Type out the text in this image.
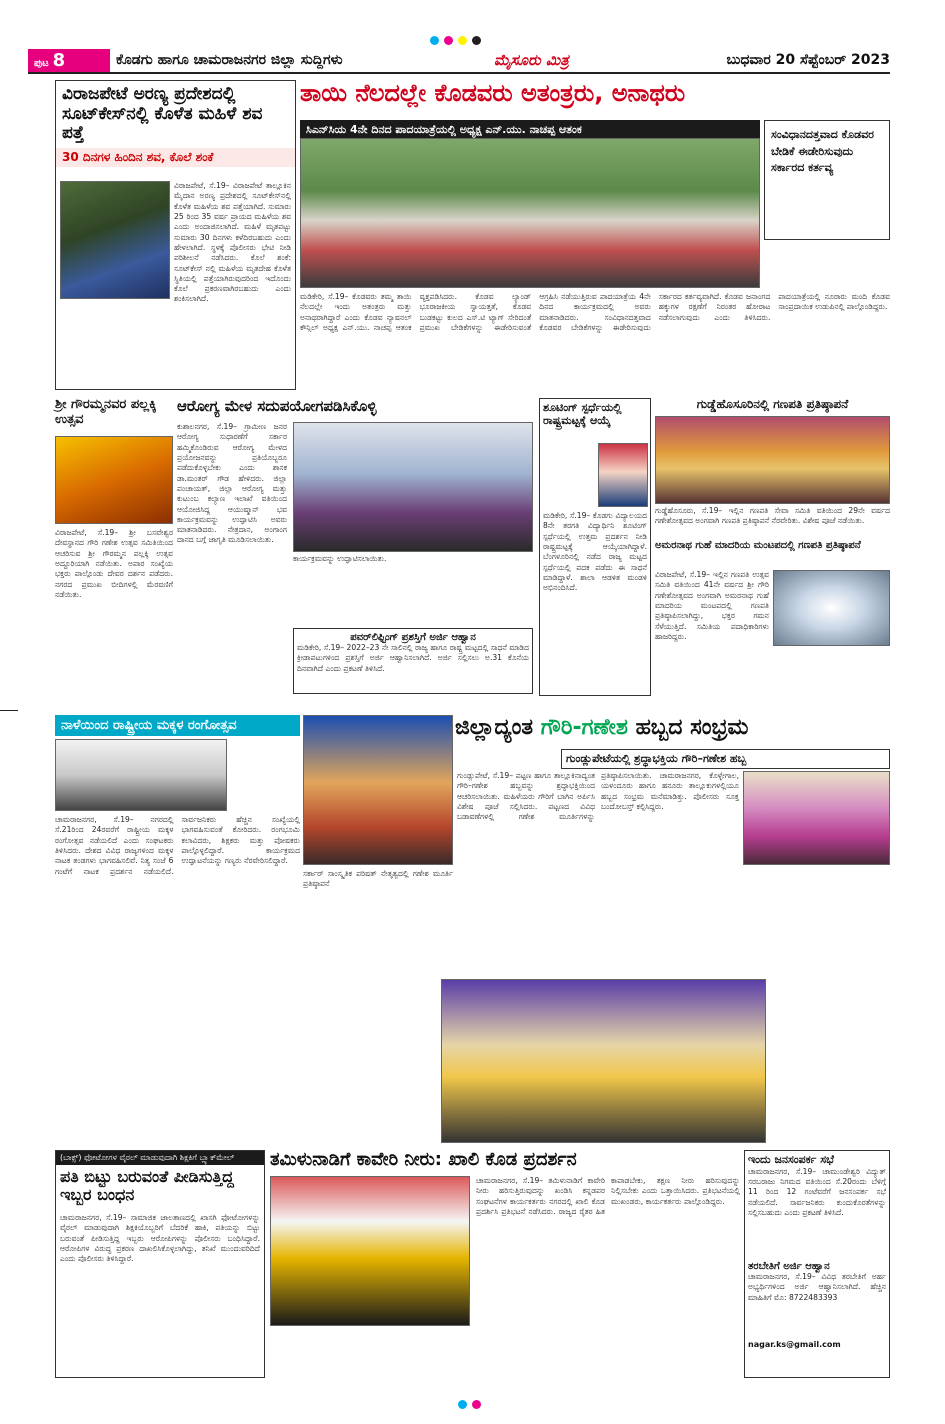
ಪುಟ 8	ಕೊಡಗು ಹಾಗೂ ಚಾಮರಾಜನಗರ ಜಿಲ್ಲಾ ಸುದ್ದಿಗಳು	ಮೈಸೂರು ಮಿತ್ರ	ಬುಧವಾರ 20 ಸೆಪ್ಟೆಂಬರ್ 2023
ವಿರಾಜಪೇಟೆ ಅರಣ್ಯ ಪ್ರದೇಶದಲ್ಲಿ ಸೂಟ್‌ಕೇಸ್‌ನಲ್ಲಿ ಕೊಳೆತ ಮಹಿಳೆ ಶವ ಪತ್ತೆ
30 ದಿನಗಳ ಹಿಂದಿನ ಶವ, ಕೊಲೆ ಶಂಕೆ
ವಿರಾಜಪೇಟೆ, ಸೆ.19– ವಿರಾಜಪೇಟೆ ತಾಲ್ಲೂಕಿನ ಮೈದಾನ ಅರಣ್ಯ ಪ್ರದೇಶದಲ್ಲಿ ಸೂಟ್‌ಕೇಸ್‌ನಲ್ಲಿ ಕೊಳೆತ ಮಹಿಳೆಯ ಶವ ಪತ್ತೆಯಾಗಿದೆ. ಸುಮಾರು 25 ರಿಂದ 35 ವರ್ಷ ಪ್ರಾಯದ ಮಹಿಳೆಯ ಶವ ಎಂದು ಅಂದಾಜಿಸಲಾಗಿದೆ. ಮಹಿಳೆ ಮೃತಪಟ್ಟು ಸುಮಾರು 30 ದಿನಗಳು ಕಳೆದಿರಬಹುದು ಎಂದು ಹೇಳಲಾಗಿದೆ. ಸ್ಥಳಕ್ಕೆ ಪೊಲೀಸರು ಭೇಟಿ ನೀಡಿ ಪರಿಶೀಲನೆ ನಡೆಸಿದರು. ಕೊಲೆ ಶಂಕೆ: ಸೂಟ್‌ಕೇಸ್ ನಲ್ಲಿ ಮಹಿಳೆಯ ಮೃತದೇಹ ಕೊಳೆತ ಸ್ಥಿತಿಯಲ್ಲಿ ಪತ್ತೆಯಾಗಿರುವುದರಿಂದ ಇದೊಂದು ಕೊಲೆ ಪ್ರಕರಣವಾಗಿರಬಹುದು ಎಂದು ಶಂಕಿಸಲಾಗಿದೆ.
ತಾಯಿ ನೆಲದಲ್ಲೇ ಕೊಡವರು ಅತಂತ್ರರು, ಅನಾಥರು
ಸಿಎನ್‌ಸಿಯ 4ನೇ ದಿನದ ಪಾದಯಾತ್ರೆಯಲ್ಲಿ ಅಧ್ಯಕ್ಷ ಎನ್.ಯು. ನಾಚಪ್ಪ ಆತಂಕ	ಸಂವಿಧಾನದತ್ತವಾದ ಕೊಡವರ ಬೇಡಿಕೆ ಈಡೇರಿಸುವುದು ಸರ್ಕಾರದ ಕರ್ತವ್ಯ
ಮಡಿಕೇರಿ, ಸೆ.19– ಕೊಡವರು ತಮ್ಮ ತಾಯಿ ನೆಲದಲ್ಲೇ ಇಂದು ಅತಂತ್ರರು ಮತ್ತು ಅನಾಥರಾಗಿದ್ದಾರೆ ಎಂದು ಕೊಡವ ನ್ಯಾಷನಲ್ ಕೌನ್ಸಿಲ್ ಅಧ್ಯಕ್ಷ ಎನ್.ಯು. ನಾಚಪ್ಪ ಆತಂಕ ವ್ಯಕ್ತಪಡಿಸಿದರು. ಕೊಡವ ಲ್ಯಾಂಡ್ ಭೂರಾಜಕೀಯ ಸ್ವಾಯತ್ತತೆ, ಕೊಡವ ಬುಡಕಟ್ಟು ಕುಲದ ಎಸ್.ಟಿ ಟ್ಯಾಗ್ ಸೇರಿದಂತೆ ಪ್ರಮುಖ ಬೇಡಿಕೆಗಳನ್ನು ಈಡೇರಿಸುವಂತೆ ಆಗ್ರಹಿಸಿ ನಡೆಯುತ್ತಿರುವ ಪಾದಯಾತ್ರೆಯ 4ನೇ ದಿನದ ಕಾರ್ಯಕ್ರಮದಲ್ಲಿ ಅವರು ಮಾತನಾಡಿದರು. ಸಂವಿಧಾನದತ್ತವಾದ ಕೊಡವರ ಬೇಡಿಕೆಗಳನ್ನು ಈಡೇರಿಸುವುದು ಸರ್ಕಾರದ ಕರ್ತವ್ಯವಾಗಿದೆ. ಕೊಡವ ಜನಾಂಗದ ಹಕ್ಕುಗಳ ರಕ್ಷಣೆಗೆ ನಿರಂತರ ಹೋರಾಟ ನಡೆಸಲಾಗುವುದು ಎಂದು ತಿಳಿಸಿದರು. ಪಾದಯಾತ್ರೆಯಲ್ಲಿ ನೂರಾರು ಮಂದಿ ಕೊಡವ ಸಾಂಪ್ರದಾಯಿಕ ಉಡುಪಿನಲ್ಲಿ ಪಾಲ್ಗೊಂಡಿದ್ದರು.
ಶ್ರೀ ಗೌರಮ್ಮನವರ ಪಲ್ಲಕ್ಕಿ ಉತ್ಸವ
ವಿರಾಜಪೇಟೆ, ಸೆ.19– ಶ್ರೀ ಬಸವೇಶ್ವರ ದೇವಸ್ಥಾನದ ಗೌರಿ ಗಣೇಶ ಉತ್ಸವ ಸಮಿತಿಯಿಂದ ಆಚರಿಸುವ ಶ್ರೀ ಗೌರಮ್ಮನ ಪಲ್ಲಕ್ಕಿ ಉತ್ಸವ ಅದ್ದೂರಿಯಾಗಿ ನಡೆಯಿತು. ಅಪಾರ ಸಂಖ್ಯೆಯ ಭಕ್ತರು ಪಾಲ್ಗೊಂಡು ದೇವರ ದರ್ಶನ ಪಡೆದರು. ನಗರದ ಪ್ರಮುಖ ಬೀದಿಗಳಲ್ಲಿ ಮೆರವಣಿಗೆ ನಡೆಯಿತು.
ಆರೋಗ್ಯ ಮೇಳ ಸದುಪಯೋಗಪಡಿಸಿಕೊಳ್ಳಿ
ಕುಶಾಲನಗರ, ಸೆ.19– ಗ್ರಾಮೀಣ ಜನರ ಆರೋಗ್ಯ ಸುಧಾರಣೆಗೆ ಸರ್ಕಾರ ಹಮ್ಮಿಕೊಂಡಿರುವ ಆರೋಗ್ಯ ಮೇಳದ ಪ್ರಯೋಜನವನ್ನು ಪ್ರತಿಯೊಬ್ಬರೂ ಪಡೆದುಕೊಳ್ಳಬೇಕು ಎಂದು ಶಾಸಕ ಡಾ.ಮಂತರ್ ಗೌಡ ಹೇಳಿದರು. ಜಿಲ್ಲಾ ಪಂಚಾಯತ್, ಜಿಲ್ಲಾ ಆರೋಗ್ಯ ಮತ್ತು ಕುಟುಂಬ ಕಲ್ಯಾಣ ಇಲಾಖೆ ವತಿಯಿಂದ ಆಯೋಜಿಸಿದ್ದ ಆಯುಷ್ಮಾನ್ ಭವ ಕಾರ್ಯಕ್ರಮವನ್ನು ಉದ್ಘಾಟಿಸಿ ಅವರು ಮಾತನಾಡಿದರು. ನೇತ್ರದಾನ, ಅಂಗಾಂಗ ದಾನದ ಬಗ್ಗೆ ಜಾಗೃತಿ ಮೂಡಿಸಲಾಯಿತು.
ಕಾರ್ಯಕ್ರಮವನ್ನು ಉದ್ಘಾಟಿಸಲಾಯಿತು.
ಪವರ್‌ಲಿಫ್ಟಿಂಗ್ ಪ್ರಶಸ್ತಿಗೆ ಅರ್ಜಿ ಆಹ್ವಾನ
ಮಡಿಕೇರಿ, ಸೆ.19– 2022–23 ನೇ ಸಾಲಿನಲ್ಲಿ ರಾಜ್ಯ ಹಾಗೂ ರಾಷ್ಟ್ರ ಮಟ್ಟದಲ್ಲಿ ಸಾಧನೆ ಮಾಡಿದ ಕ್ರೀಡಾಪಟುಗಳಿಂದ ಪ್ರಶಸ್ತಿಗೆ ಅರ್ಜಿ ಆಹ್ವಾನಿಸಲಾಗಿದೆ. ಅರ್ಜಿ ಸಲ್ಲಿಸಲು ಅ.31 ಕೊನೆಯ ದಿನವಾಗಿದೆ ಎಂದು ಪ್ರಕಟಣೆ ತಿಳಿಸಿದೆ.
ಶೂಟಿಂಗ್ ಸ್ಪರ್ಧೆಯಲ್ಲಿ ರಾಷ್ಟ್ರಮಟ್ಟಕ್ಕೆ ಆಯ್ಕೆ
ಮಡಿಕೇರಿ, ಸೆ.19– ಕೊಡಗು ವಿದ್ಯಾಲಯದ 8ನೇ ತರಗತಿ ವಿದ್ಯಾರ್ಥಿನಿ ಶೂಟಿಂಗ್ ಸ್ಪರ್ಧೆಯಲ್ಲಿ ಉತ್ತಮ ಪ್ರದರ್ಶನ ನೀಡಿ ರಾಷ್ಟ್ರಮಟ್ಟಕ್ಕೆ ಆಯ್ಕೆಯಾಗಿದ್ದಾಳೆ. ಬೆಂಗಳೂರಿನಲ್ಲಿ ನಡೆದ ರಾಜ್ಯ ಮಟ್ಟದ ಸ್ಪರ್ಧೆಯಲ್ಲಿ ಪದಕ ಪಡೆದು ಈ ಸಾಧನೆ ಮಾಡಿದ್ದಾಳೆ. ಶಾಲಾ ಆಡಳಿತ ಮಂಡಳಿ ಅಭಿನಂದಿಸಿದೆ.
ಗುಡ್ಡೆಹೊಸೂರಿನಲ್ಲಿ ಗಣಪತಿ ಪ್ರತಿಷ್ಠಾಪನೆ
ಗುಡ್ಡೆಹೊಸೂರು, ಸೆ.19– ಇಲ್ಲಿನ ಗಣಪತಿ ಸೇವಾ ಸಮಿತಿ ವತಿಯಿಂದ 29ನೇ ವರ್ಷದ ಗಣೇಶೋತ್ಸವದ ಅಂಗವಾಗಿ ಗಣಪತಿ ಪ್ರತಿಷ್ಠಾಪನೆ ನೆರವೇರಿತು. ವಿಶೇಷ ಪೂಜೆ ನಡೆಯಿತು.
ಅಮರನಾಥ ಗುಹೆ ಮಾದರಿಯ ಮಂಟಪದಲ್ಲಿ ಗಣಪತಿ ಪ್ರತಿಷ್ಠಾಪನೆ
ವಿರಾಜಪೇಟೆ, ಸೆ.19– ಇಲ್ಲಿನ ಗಣಪತಿ ಉತ್ಸವ ಸಮಿತಿ ವತಿಯಿಂದ 41ನೇ ವರ್ಷದ ಶ್ರೀ ಗೌರಿ ಗಣೇಶೋತ್ಸವದ ಅಂಗವಾಗಿ ಅಮರನಾಥ ಗುಹೆ ಮಾದರಿಯ ಮಂಟಪದಲ್ಲಿ ಗಣಪತಿ ಪ್ರತಿಷ್ಠಾಪಿಸಲಾಗಿದ್ದು, ಭಕ್ತರ ಗಮನ ಸೆಳೆಯುತ್ತಿದೆ. ಸಮಿತಿಯ ಪದಾಧಿಕಾರಿಗಳು ಹಾಜರಿದ್ದರು.
ನಾಳೆಯಿಂದ ರಾಷ್ಟ್ರೀಯ ಮಕ್ಕಳ ರಂಗೋತ್ಸವ
ಚಾಮರಾಜನಗರ, ಸೆ.19– ನಗರದಲ್ಲಿ ಸೆ.21ರಿಂದ 24ರವರೆಗೆ ರಾಷ್ಟ್ರೀಯ ಮಕ್ಕಳ ರಂಗೋತ್ಸವ ನಡೆಯಲಿದೆ ಎಂದು ಸಂಘಟಕರು ತಿಳಿಸಿದರು. ದೇಶದ ವಿವಿಧ ರಾಜ್ಯಗಳಿಂದ ಮಕ್ಕಳ ನಾಟಕ ತಂಡಗಳು ಭಾಗವಹಿಸಲಿವೆ. ನಿತ್ಯ ಸಂಜೆ 6 ಗಂಟೆಗೆ ನಾಟಕ ಪ್ರದರ್ಶನ ನಡೆಯಲಿದೆ. ಸಾರ್ವಜನಿಕರು ಹೆಚ್ಚಿನ ಸಂಖ್ಯೆಯಲ್ಲಿ ಭಾಗವಹಿಸುವಂತೆ ಕೋರಿದರು. ರಂಗಭೂಮಿ ಕಲಾವಿದರು, ಶಿಕ್ಷಕರು ಮತ್ತು ಪೋಷಕರು ಪಾಲ್ಗೊಳ್ಳಲಿದ್ದಾರೆ. ಕಾರ್ಯಕ್ರಮದ ಉದ್ಘಾಟನೆಯನ್ನು ಗಣ್ಯರು ನೆರವೇರಿಸಲಿದ್ದಾರೆ.
ಜಿಲ್ಲಾದ್ಯಂತ ಗೌರಿ-ಗಣೇಶ ಹಬ್ಬದ ಸಂಭ್ರಮ
ಗುಂಡ್ಲುಪೇಟೆಯಲ್ಲಿ ಶ್ರದ್ಧಾಭಕ್ತಿಯ ಗೌರಿ–ಗಣೇಶ ಹಬ್ಬ
ಗುಂಡ್ಲುಪೇಟೆ, ಸೆ.19– ಪಟ್ಟಣ ಹಾಗೂ ತಾಲ್ಲೂಕಿನಾದ್ಯಂತ ಗೌರಿ–ಗಣೇಶ ಹಬ್ಬವನ್ನು ಶ್ರದ್ಧಾಭಕ್ತಿಯಿಂದ ಆಚರಿಸಲಾಯಿತು. ಮಹಿಳೆಯರು ಗೌರಿಗೆ ಬಾಗಿನ ಅರ್ಪಿಸಿ ವಿಶೇಷ ಪೂಜೆ ಸಲ್ಲಿಸಿದರು. ಪಟ್ಟಣದ ವಿವಿಧ ಬಡಾವಣೆಗಳಲ್ಲಿ ಗಣೇಶ ಮೂರ್ತಿಗಳನ್ನು ಪ್ರತಿಷ್ಠಾಪಿಸಲಾಯಿತು. ಚಾಮರಾಜನಗರ, ಕೊಳ್ಳೇಗಾಲ, ಯಳಂದೂರು ಹಾಗೂ ಹನೂರು ತಾಲ್ಲೂಕುಗಳಲ್ಲಿಯೂ ಹಬ್ಬದ ಸಂಭ್ರಮ ಮನೆಮಾಡಿತ್ತು. ಪೊಲೀಸರು ಸೂಕ್ತ ಬಂದೋಬಸ್ತ್ ಕಲ್ಪಿಸಿದ್ದರು.
ಸರ್ಕಾರ್ ಸಾಂಸ್ಕೃತಿಕ ಪರಿಷತ್ ನೇತೃತ್ವದಲ್ಲಿ ಗಣೇಶ ಮೂರ್ತಿ ಪ್ರತಿಷ್ಠಾಪನೆ
(ಬಾಕ್ಸ್) ಫೋಟೋಗಳ ವೈರಲ್ ಮಾಡುವುದಾಗಿ ಶಿಕ್ಷಕಿಗೆ ಬ್ಲ್ಯಾಕ್‌ಮೇಲ್
ಪತಿ ಬಿಟ್ಟು ಬರುವಂತೆ ಪೀಡಿಸುತ್ತಿದ್ದ ಇಬ್ಬರ ಬಂಧನ
ಚಾಮರಾಜನಗರ, ಸೆ.19– ಸಾಮಾಜಿಕ ಜಾಲತಾಣದಲ್ಲಿ ಖಾಸಗಿ ಫೋಟೋಗಳನ್ನು ವೈರಲ್ ಮಾಡುವುದಾಗಿ ಶಿಕ್ಷಕಿಯೊಬ್ಬರಿಗೆ ಬೆದರಿಕೆ ಹಾಕಿ, ಪತಿಯನ್ನು ಬಿಟ್ಟು ಬರುವಂತೆ ಪೀಡಿಸುತ್ತಿದ್ದ ಇಬ್ಬರು ಆರೋಪಿಗಳನ್ನು ಪೊಲೀಸರು ಬಂಧಿಸಿದ್ದಾರೆ. ಆರೋಪಿಗಳ ವಿರುದ್ಧ ಪ್ರಕರಣ ದಾಖಲಿಸಿಕೊಳ್ಳಲಾಗಿದ್ದು, ತನಿಖೆ ಮುಂದುವರಿದಿದೆ ಎಂದು ಪೊಲೀಸರು ತಿಳಿಸಿದ್ದಾರೆ.
ತಮಿಳುನಾಡಿಗೆ ಕಾವೇರಿ ನೀರು: ಖಾಲಿ ಕೊಡ ಪ್ರದರ್ಶನ
ಚಾಮರಾಜನಗರ, ಸೆ.19– ತಮಿಳುನಾಡಿಗೆ ಕಾವೇರಿ ನೀರು ಹರಿಸುತ್ತಿರುವುದನ್ನು ಖಂಡಿಸಿ ಕನ್ನಡಪರ ಸಂಘಟನೆಗಳ ಕಾರ್ಯಕರ್ತರು ನಗರದಲ್ಲಿ ಖಾಲಿ ಕೊಡ ಪ್ರದರ್ಶಿಸಿ ಪ್ರತಿಭಟನೆ ನಡೆಸಿದರು. ರಾಜ್ಯದ ರೈತರ ಹಿತ ಕಾಪಾಡಬೇಕು, ತಕ್ಷಣ ನೀರು ಹರಿಸುವುದನ್ನು ನಿಲ್ಲಿಸಬೇಕು ಎಂದು ಒತ್ತಾಯಿಸಿದರು. ಪ್ರತಿಭಟನೆಯಲ್ಲಿ ಮುಖಂಡರು, ಕಾರ್ಯಕರ್ತರು ಪಾಲ್ಗೊಂಡಿದ್ದರು.
ಇಂದು ಜನಸಂಪರ್ಕ ಸಭೆ
ಚಾಮರಾಜನಗರ, ಸೆ.19– ಚಾಮುಂಡೇಶ್ವರಿ ವಿದ್ಯುತ್ ಸರಬರಾಜು ನಿಗಮದ ವತಿಯಿಂದ ಸೆ.20ರಂದು ಬೆಳಿಗ್ಗೆ 11 ರಿಂದ 12 ಗಂಟೆವರೆಗೆ ಜನಸಂಪರ್ಕ ಸಭೆ ನಡೆಯಲಿದೆ. ಸಾರ್ವಜನಿಕರು ಕುಂದುಕೊರತೆಗಳನ್ನು ಸಲ್ಲಿಸಬಹುದು ಎಂದು ಪ್ರಕಟಣೆ ತಿಳಿಸಿದೆ.
ತರಬೇತಿಗೆ ಅರ್ಜಿ ಆಹ್ವಾನ
ಚಾಮರಾಜನಗರ, ಸೆ.19– ವಿವಿಧ ತರಬೇತಿಗೆ ಅರ್ಹ ಅಭ್ಯರ್ಥಿಗಳಿಂದ ಅರ್ಜಿ ಆಹ್ವಾನಿಸಲಾಗಿದೆ. ಹೆಚ್ಚಿನ ಮಾಹಿತಿಗೆ ಮೊ: 8722483393
nagar.ks@gmail.com
